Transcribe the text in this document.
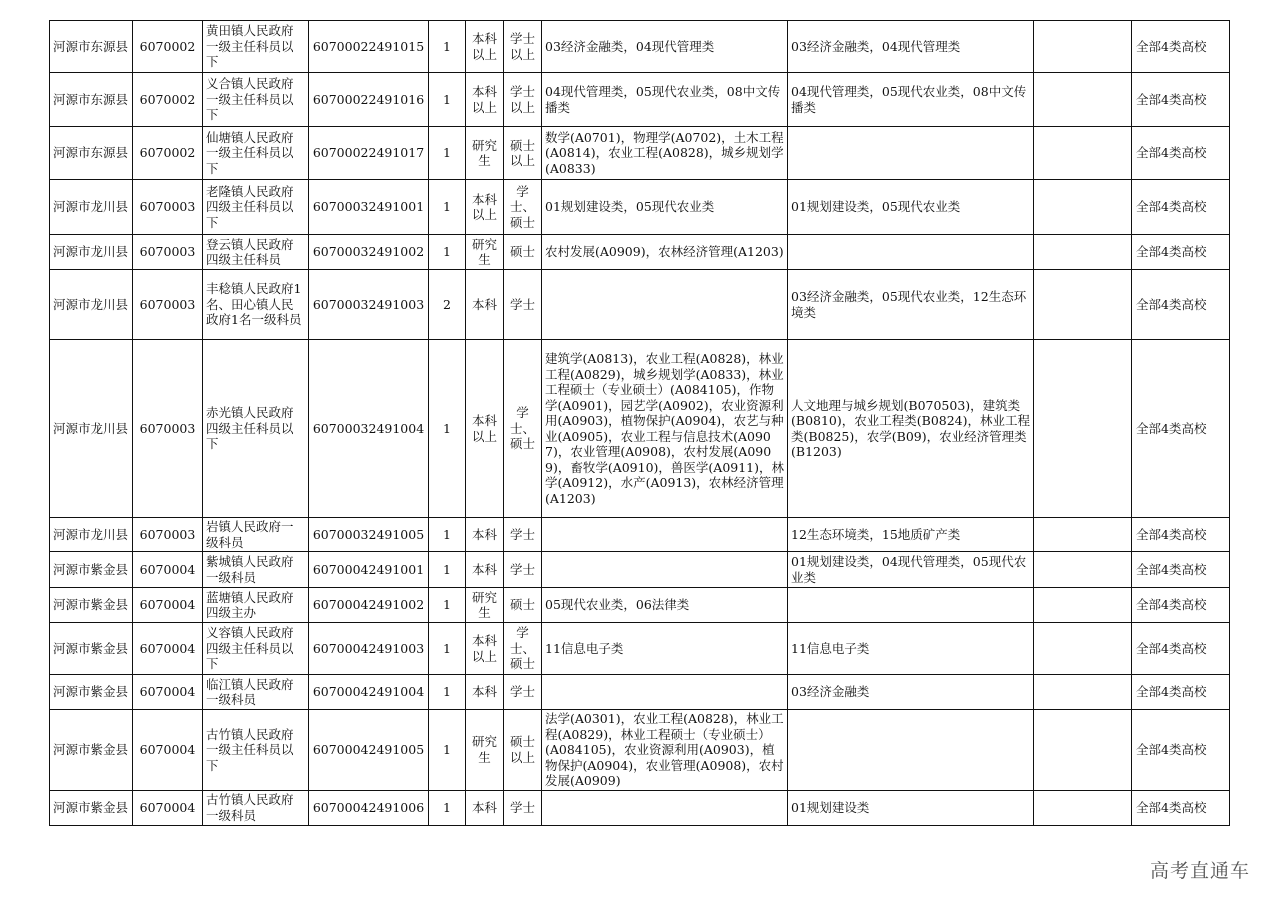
河源市东源县	6070002	黄田镇人民政府一级主任科员以下	60700022491015	1	本科以上	学士以上	03经济金融类，04现代管理类	03经济金融类，04现代管理类		全部4类高校
河源市东源县	6070002	义合镇人民政府一级主任科员以下	60700022491016	1	本科以上	学士以上	04现代管理类，05现代农业类，08中文传播类	04现代管理类，05现代农业类，08中文传播类		全部4类高校
河源市东源县	6070002	仙塘镇人民政府一级主任科员以下	60700022491017	1	研究生	硕士以上	数学(A0701)，物理学(A0702)，土木工程(A0814)，农业工程(A0828)，城乡规划学(A0833)			全部4类高校
河源市龙川县	6070003	老隆镇人民政府四级主任科员以下	60700032491001	1	本科以上	学士、硕士	01规划建设类，05现代农业类	01规划建设类，05现代农业类		全部4类高校
河源市龙川县	6070003	登云镇人民政府四级主任科员	60700032491002	1	研究生	硕士	农村发展(A0909)，农林经济管理(A1203)			全部4类高校
河源市龙川县	6070003	丰稔镇人民政府1名、田心镇人民政府1名一级科员	60700032491003	2	本科	学士		03经济金融类，05现代农业类，12生态环境类		全部4类高校
河源市龙川县	6070003	赤光镇人民政府四级主任科员以下	60700032491004	1	本科以上	学士、硕士	建筑学(A0813)，农业工程(A0828)，林业工程(A0829)，城乡规划学(A0833)，林业工程硕士（专业硕士）(A084105)，作物学(A0901)，园艺学(A0902)，农业资源利用(A0903)，植物保护(A0904)，农艺与种业(A0905)，农业工程与信息技术(A0907)，农业管理(A0908)，农村发展(A0909)，畜牧学(A0910)，兽医学(A0911)，林学(A0912)，水产(A0913)，农林经济管理(A1203)	人文地理与城乡规划(B070503)，建筑类(B0810)，农业工程类(B0824)，林业工程类(B0825)，农学(B09)，农业经济管理类(B1203)		全部4类高校
河源市龙川县	6070003	岩镇人民政府一级科员	60700032491005	1	本科	学士		12生态环境类，15地质矿产类		全部4类高校
河源市紫金县	6070004	紫城镇人民政府一级科员	60700042491001	1	本科	学士		01规划建设类，04现代管理类，05现代农业类		全部4类高校
河源市紫金县	6070004	蓝塘镇人民政府四级主办	60700042491002	1	研究生	硕士	05现代农业类，06法律类			全部4类高校
河源市紫金县	6070004	义容镇人民政府四级主任科员以下	60700042491003	1	本科以上	学士、硕士	11信息电子类	11信息电子类		全部4类高校
河源市紫金县	6070004	临江镇人民政府一级科员	60700042491004	1	本科	学士		03经济金融类		全部4类高校
河源市紫金县	6070004	古竹镇人民政府一级主任科员以下	60700042491005	1	研究生	硕士以上	法学(A0301)，农业工程(A0828)，林业工程(A0829)，林业工程硕士（专业硕士）(A084105)，农业资源利用(A0903)，植物保护(A0904)，农业管理(A0908)，农村发展(A0909)			全部4类高校
河源市紫金县	6070004	古竹镇人民政府一级科员	60700042491006	1	本科	学士		01规划建设类		全部4类高校
高考直通车
